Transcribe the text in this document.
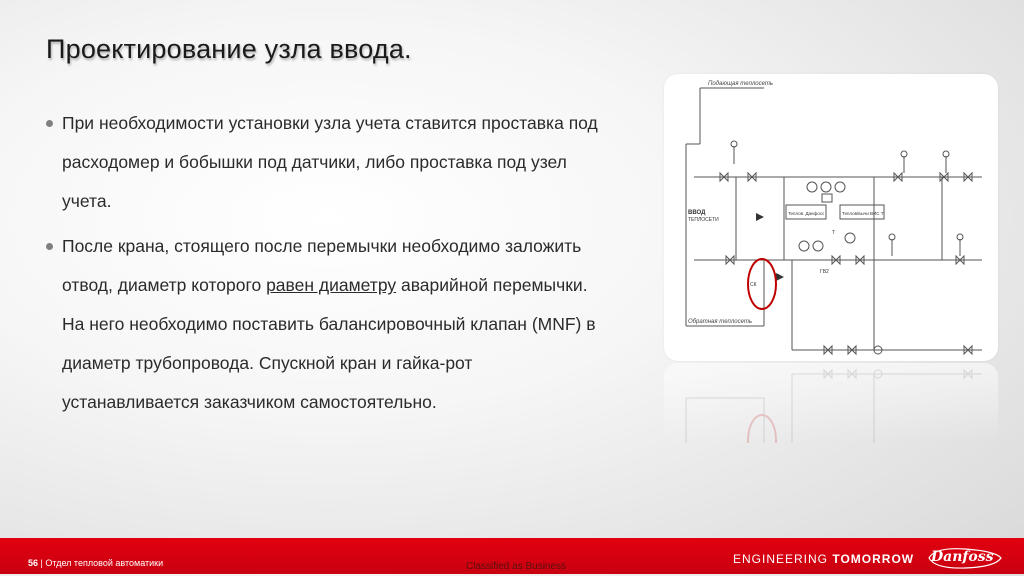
Проектирование узла ввода.
При необходимости установки узла учета ставится проставка под расходомер и бобышки под датчики, либо проставка под узел учета.
После крана, стоящего после перемычки необходимо заложить отвод, диаметр которого равен диаметру аварийной перемычки. На него необходимо поставить балансировочный клапан (MNF) в диаметр трубопровода. Спускной кран и гайка-рот устанавливается заказчиком самостоятельно.
Подающая теплосеть
Обратная теплосеть
ВВОД
ТЕПЛОСЕТИ
Теплов. Данфосс	Теплов/вычи ВИС Т
СК
Т
Т
ГВ2
56 | Отдел тепловой автоматики	Classified as Business
ENGINEERING TOMORROW Danfoss
